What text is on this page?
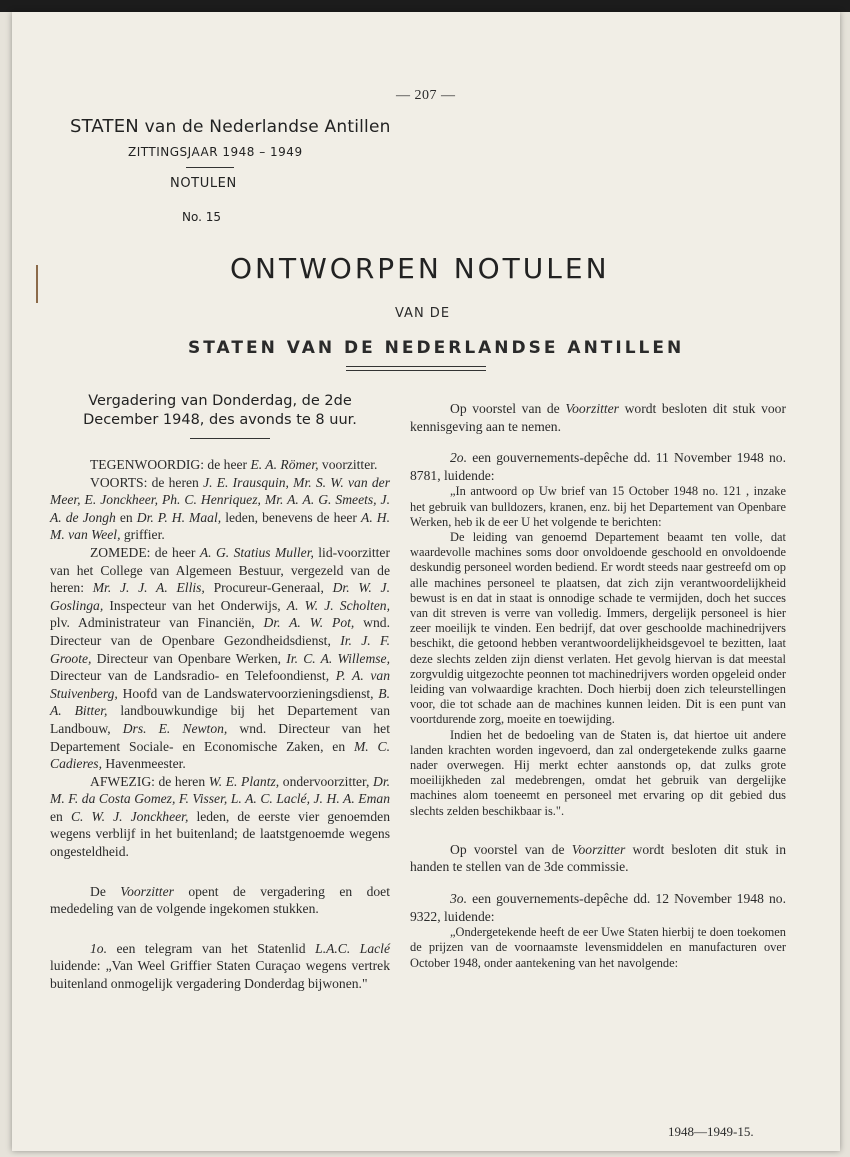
— 207 —
STATEN van de Nederlandse Antillen
ZITTINGSJAAR 1948 – 1949
NOTULEN
No. 15
ONTWORPEN NOTULEN
VAN DE
STATEN VAN DE NEDERLANDSE ANTILLEN
Vergadering van Donderdag, de 2de December 1948, des avonds te 8 uur.

TEGENWOORDIG: de heer E. A. Römer, voorzitter.

VOORTS: de heren J. E. Irausquin, Mr. S. W. van der Meer, E. Jonckheer, Ph. C. Henriquez, Mr. A. A. G. Smeets, J. A. de Jongh en Dr. P. H. Maal, leden, benevens de heer A. H. M. van Weel, griffier.

ZOMEDE: de heer A. G. Statius Muller, lid-voorzitter van het College van Algemeen Bestuur, vergezeld van de heren: Mr. J. J. A. Ellis, Procureur-Generaal, Dr. W. J. Goslinga, Inspecteur van het Onderwijs, A. W. J. Scholten, plv. Administrateur van Financiën, Dr. A. W. Pot, wnd. Directeur van de Openbare Gezondheidsdienst, Ir. J. F. Groote, Directeur van Openbare Werken, Ir. C. A. Willemse, Directeur van de Landsradio- en Telefoondienst, P. A. van Stuivenberg, Hoofd van de Landswatervoorzieningsdienst, B. A. Bitter, landbouwkundige bij het Departement van Landbouw, Drs. E. Newton, wnd. Directeur van het Departement Sociale- en Economische Zaken, en M. C. Cadieres, Havenmeester.

AFWEZIG: de heren W. E. Plantz, ondervoorzitter, Dr. M. F. da Costa Gomez, F. Visser, L. A. C. Laclé, J. H. A. Eman en C. W. J. Jonckheer, leden, de eerste vier genoemden wegens verblijf in het buitenland; de laatstgenoemde wegens ongesteldheid.

De Voorzitter opent de vergadering en doet mededeling van de volgende ingekomen stukken.

1o. een telegram van het Statenlid L.A.C. Laclé luidende: „Van Weel Griffier Staten Curaçao wegens vertrek buitenland onmogelijk vergadering Donderdag bijwonen."

Op voorstel van de Voorzitter wordt besloten dit stuk voor kennisgeving aan te nemen.

2o. een gouvernements-depêche dd. 11 November 1948 no. 8781, luidende:

„In antwoord op Uw brief van 15 October 1948 no. 121 , inzake het gebruik van bulldozers, kranen, enz. bij het Departement van Openbare Werken, heb ik de eer U het volgende te berichten:

De leiding van genoemd Departement beaamt ten volle, dat waardevolle machines soms door onvoldoende geschoold en onvoldoende deskundig personeel worden bediend. Er wordt steeds naar gestreefd om op alle machines personeel te plaatsen, dat zich zijn verantwoordelijkheid bewust is en dat in staat is onnodige schade te vermijden, doch het succes van dit streven is verre van volledig. Immers, dergelijk personeel is hier zeer moeilijk te vinden. Een bedrijf, dat over geschoolde machinedrijvers beschikt, die getoond hebben verantwoordelijkheidsgevoel te bezitten, laat deze slechts zelden zijn dienst verlaten. Het gevolg hiervan is dat meestal zorgvuldig uitgezochte peonnen tot machinedrijvers worden opgeleid onder leiding van volwaardige krachten. Doch hierbij doen zich teleurstellingen voor, die tot schade aan de machines kunnen leiden. Dit is een punt van voortdurende zorg, moeite en toewijding.

Indien het de bedoeling van de Staten is, dat hiertoe uit andere landen krachten worden ingevoerd, dan zal ondergetekende zulks gaarne nader overwegen. Hij merkt echter aanstonds op, dat zulks grote moeilijkheden zal medebrengen, omdat het gebruik van dergelijke machines alom toeneemt en personeel met ervaring op dit gebied dus slechts zelden beschikbaar is.".

Op voorstel van de Voorzitter wordt besloten dit stuk in handen te stellen van de 3de commissie.

3o. een gouvernements-depêche dd. 12 November 1948 no. 9322, luidende:

„Ondergetekende heeft de eer Uwe Staten hierbij te doen toekomen de prijzen van de voornaamste levensmiddelen en manufacturen over October 1948, onder aantekening van het navolgende:

1948—1949-15.
